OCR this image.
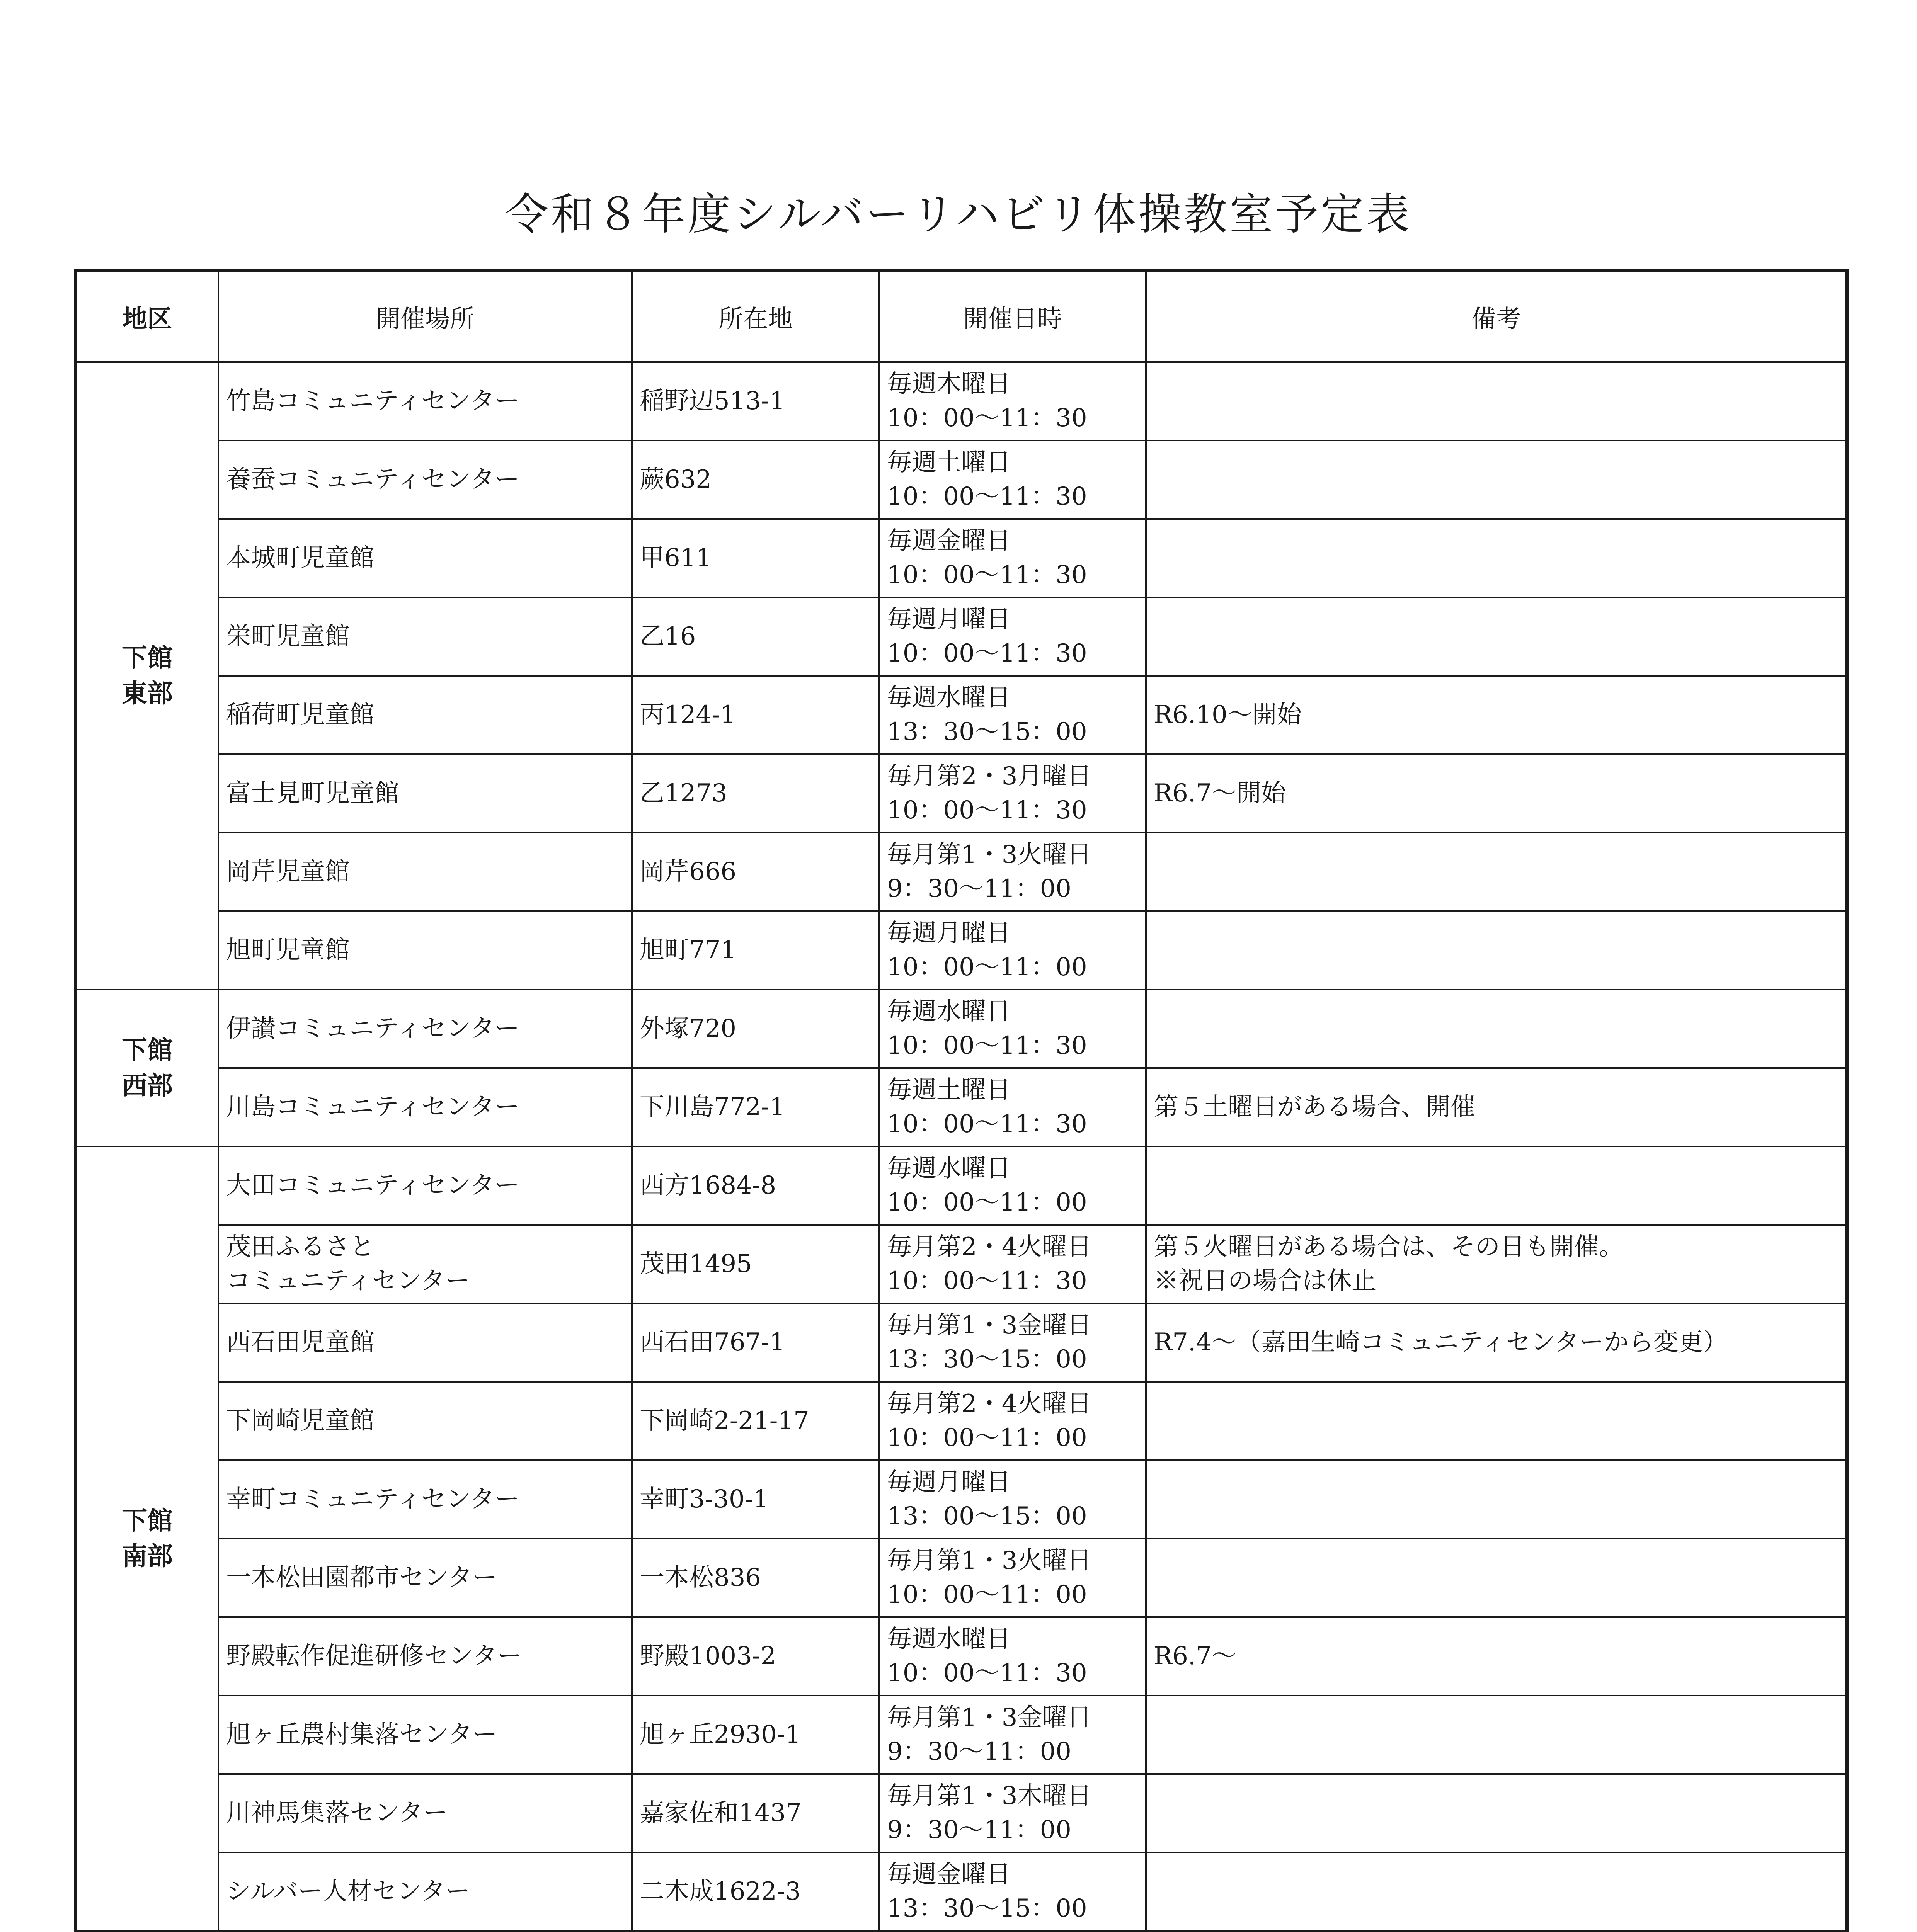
令和８年度シルバーリハビリ体操教室予定表
地区	開催場所	所在地	開催日時	備考
下館
東部	竹島コミュニティセンター	稲野辺513-1	毎週木曜日
10：00～11：30	
	養蚕コミュニティセンター	蕨632	毎週土曜日
10：00～11：30	
	本城町児童館	甲611	毎週金曜日
10：00～11：30	
	栄町児童館	乙16	毎週月曜日
10：00～11：30	
	稲荷町児童館	丙124-1	毎週水曜日
13：30～15：00	R6.10～開始
	富士見町児童館	乙1273	毎月第2・3月曜日
10：00～11：30	R6.7～開始
	岡芹児童館	岡芹666	毎月第1・3火曜日
9：30～11：00	
	旭町児童館	旭町771	毎週月曜日
10：00～11：00	
下館
西部	伊讃コミュニティセンター	外塚720	毎週水曜日
10：00～11：30	
	川島コミュニティセンター	下川島772-1	毎週土曜日
10：00～11：30	第５土曜日がある場合、開催
下館
南部	大田コミュニティセンター	西方1684-8	毎週水曜日
10：00～11：00	
	茂田ふるさと
コミュニティセンター	茂田1495	毎月第2・4火曜日
10：00～11：30	第５火曜日がある場合は、その日も開催。
※祝日の場合は休止
	西石田児童館	西石田767-1	毎月第1・3金曜日
13：30～15：00	R7.4～（嘉田生崎コミュニティセンターから変更）
	下岡崎児童館	下岡崎2-21-17	毎月第2・4火曜日
10：00～11：00	
	幸町コミュニティセンター	幸町3-30-1	毎週月曜日
13：00～15：00	
	一本松田園都市センター	一本松836	毎月第1・3火曜日
10：00～11：00	
	野殿転作促進研修センター	野殿1003-2	毎週水曜日
10：00～11：30	R6.7～
	旭ヶ丘農村集落センター	旭ヶ丘2930-1	毎月第1・3金曜日
9：30～11：00	
	川神馬集落センター	嘉家佐和1437	毎月第1・3木曜日
9：30～11：00	
	シルバー人材センター	二木成1622-3	毎週金曜日
13：30～15：00	
